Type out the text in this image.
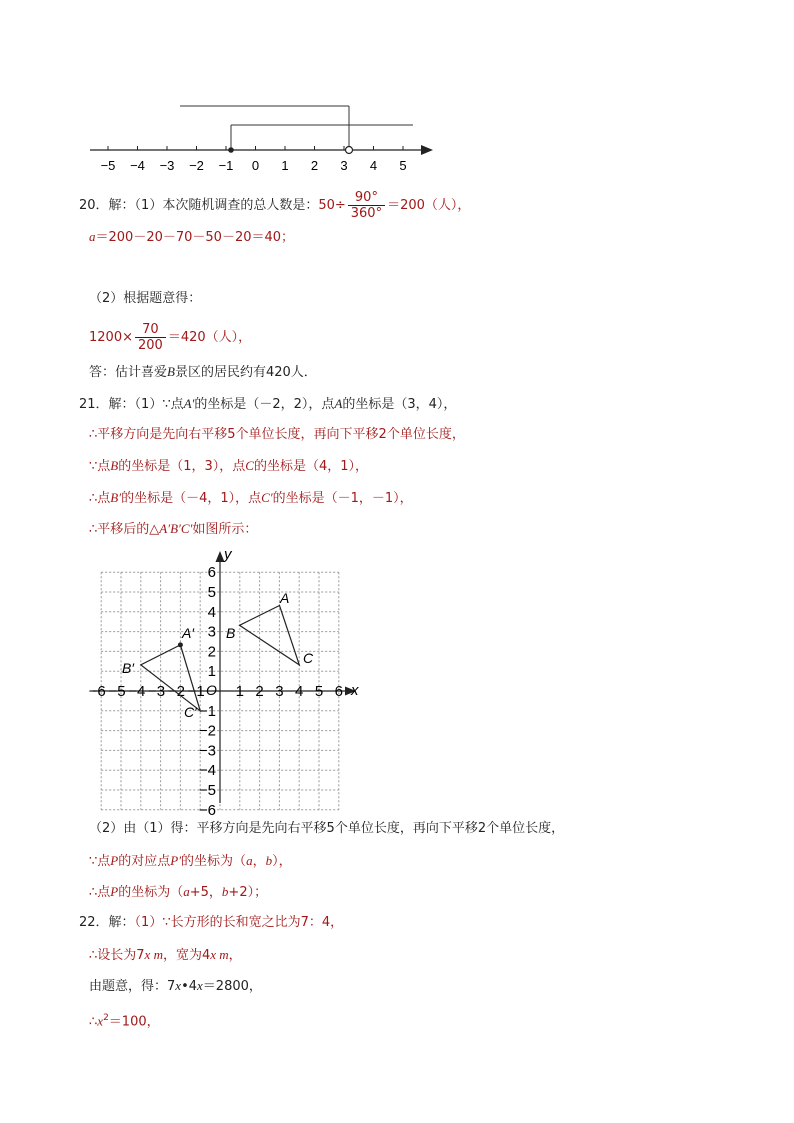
−5 −4 −3 −2 −1 0 1 2 3 4 5
20．解：（1）本次随机调查的总人数是：$50\div \frac{90^\circ}{360^\circ} =200$（人），
a＝200－20－70－50－20＝40；
（2）根据题意得：
$1200\times \frac{70}{200} =420$（人），
答：估计喜爱B景区的居民约有420人．
21．解：（1）∵点A′的坐标是（－2，2），点A的坐标是（3，4），
∴平移方向是先向右平移5个单位长度，再向下平移2个单位长度，
∵点B的坐标是（1，3），点C的坐标是（4，1），
∴点B′的坐标是（－4，1），点C′的坐标是（－1，－1），
∴平移后的△A′B′C′如图所示：
−6 −5 −4 −3 −2 −1 1 2 3 4 5 6
6
5
4
3
2
1
−1
−2
−3
−4
−5
−6
A
B
C
A′
B′
C′
x
y
O
（2）由（1）得：平移方向是先向右平移5个单位长度，再向下平移2个单位长度，
∵点P的对应点P′的坐标为（a，b），
∴点P的坐标为（a+5，b+2）；
22．解：（1）∵长方形的长和宽之比为7：4，
∴设长为7x m，宽为4x m，
由题意，得：7x•4x＝2800，
$\therefore x^2=100$，
